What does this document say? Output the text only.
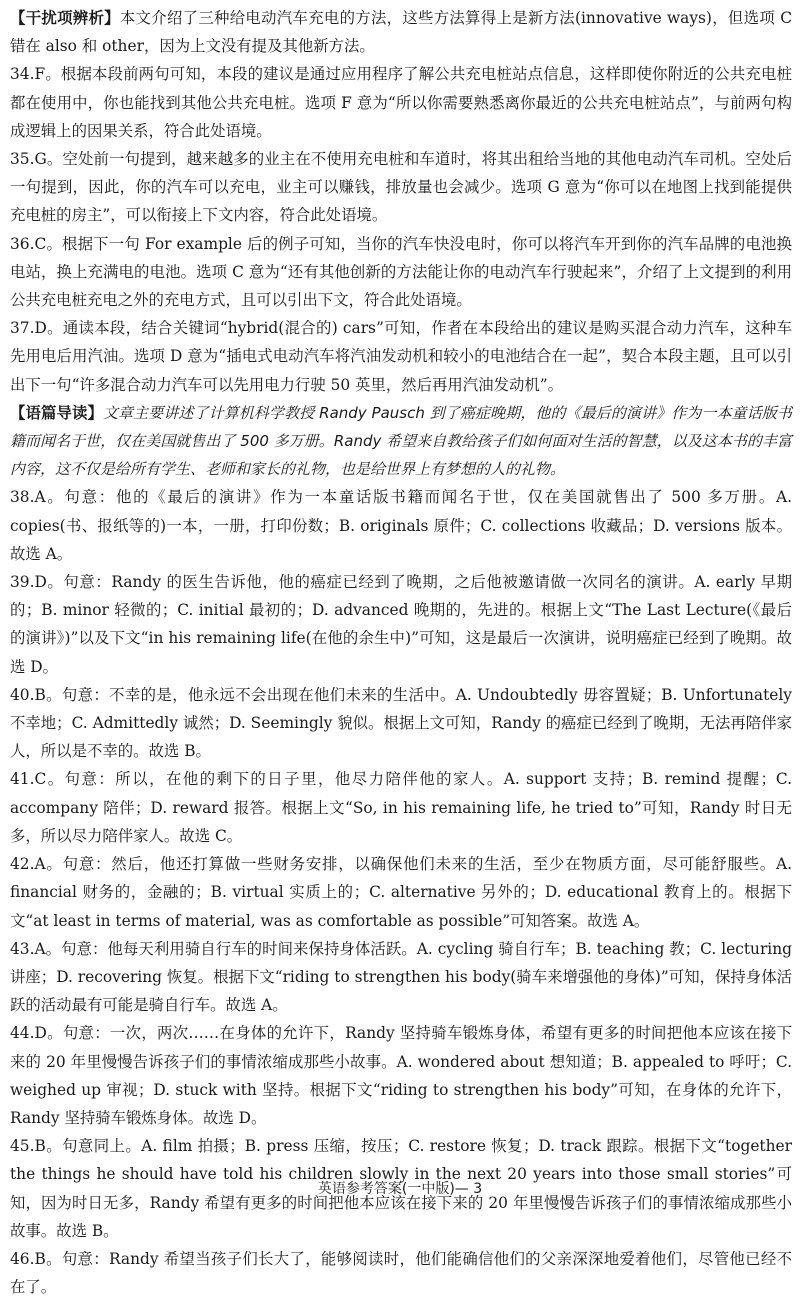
【干扰项辨析】本文介绍了三种给电动汽车充电的方法，这些方法算得上是新方法(innovative ways)，但选项 C 错在 also 和 other，因为上文没有提及其他新方法。

34.F。根据本段前两句可知，本段的建议是通过应用程序了解公共充电桩站点信息，这样即使你附近的公共充电桩都在使用中，你也能找到其他公共充电桩。选项 F 意为“所以你需要熟悉离你最近的公共充电桩站点”，与前两句构成逻辑上的因果关系，符合此处语境。

35.G。空处前一句提到，越来越多的业主在不使用充电桩和车道时，将其出租给当地的其他电动汽车司机。空处后一句提到，因此，你的汽车可以充电，业主可以赚钱，排放量也会减少。选项 G 意为“你可以在地图上找到能提供充电桩的房主”，可以衔接上下文内容，符合此处语境。

36.C。根据下一句 For example 后的例子可知，当你的汽车快没电时，你可以将汽车开到你的汽车品牌的电池换电站，换上充满电的电池。选项 C 意为“还有其他创新的方法能让你的电动汽车行驶起来”，介绍了上文提到的利用公共充电桩充电之外的充电方式，且可以引出下文，符合此处语境。

37.D。通读本段，结合关键词“hybrid(混合的) cars”可知，作者在本段给出的建议是购买混合动力汽车，这种车先用电后用汽油。选项 D 意为“插电式电动汽车将汽油发动机和较小的电池结合在一起”，契合本段主题，且可以引出下一句“许多混合动力汽车可以先用电力行驶 50 英里，然后再用汽油发动机”。

【语篇导读】文章主要讲述了计算机科学教授 Randy Pausch 到了癌症晚期，他的《最后的演讲》作为一本童话版书籍而闻名于世，仅在美国就售出了 500 多万册。Randy 希望来自教给孩子们如何面对生活的智慧，以及这本书的丰富内容，这不仅是给所有学生、老师和家长的礼物，也是给世界上有梦想的人的礼物。

38.A。句意：他的《最后的演讲》作为一本童话版书籍而闻名于世，仅在美国就售出了 500 多万册。A. copies(书、报纸等的)一本，一册，打印份数；B. originals 原件；C. collections 收藏品；D. versions 版本。故选 A。

39.D。句意：Randy 的医生告诉他，他的癌症已经到了晚期，之后他被邀请做一次同名的演讲。A. early 早期的；B. minor 轻微的；C. initial 最初的；D. advanced 晚期的，先进的。根据上文“The Last Lecture(《最后的演讲》)”以及下文“in his remaining life(在他的余生中)”可知，这是最后一次演讲，说明癌症已经到了晚期。故选 D。

40.B。句意：不幸的是，他永远不会出现在他们未来的生活中。A. Undoubtedly 毋容置疑；B. Unfortunately 不幸地；C. Admittedly 诚然；D. Seemingly 貌似。根据上文可知，Randy 的癌症已经到了晚期，无法再陪伴家人，所以是不幸的。故选 B。

41.C。句意：所以，在他的剩下的日子里，他尽力陪伴他的家人。A. support 支持；B. remind 提醒；C. accompany 陪伴；D. reward 报答。根据上文“So, in his remaining life, he tried to”可知，Randy 时日无多，所以尽力陪伴家人。故选 C。

42.A。句意：然后，他还打算做一些财务安排，以确保他们未来的生活，至少在物质方面，尽可能舒服些。A. financial 财务的，金融的；B. virtual 实质上的；C. alternative 另外的；D. educational 教育上的。根据下文“at least in terms of material, was as comfortable as possible”可知答案。故选 A。

43.A。句意：他每天利用骑自行车的时间来保持身体活跃。A. cycling 骑自行车；B. teaching 教；C. lecturing 讲座；D. recovering 恢复。根据下文“riding to strengthen his body(骑车来增强他的身体)”可知，保持身体活跃的活动最有可能是骑自行车。故选 A。

44.D。句意：一次，两次……在身体的允许下，Randy 坚持骑车锻炼身体，希望有更多的时间把他本应该在接下来的 20 年里慢慢告诉孩子们的事情浓缩成那些小故事。A. wondered about 想知道；B. appealed to 呼吁；C. weighed up 审视；D. stuck with 坚持。根据下文“riding to strengthen his body”可知，在身体的允许下，Randy 坚持骑车锻炼身体。故选 D。

45.B。句意同上。A. film 拍摄；B. press 压缩，按压；C. restore 恢复；D. track 跟踪。根据下文“together the things he should have told his children slowly in the next 20 years into those small stories”可知，因为时日无多，Randy 希望有更多的时间把他本应该在接下来的 20 年里慢慢告诉孩子们的事情浓缩成那些小故事。故选 B。

46.B。句意：Randy 希望当孩子们长大了，能够阅读时，他们能确信他们的父亲深深地爱着他们，尽管他已经不在了。

英语参考答案(一中版)— 3
